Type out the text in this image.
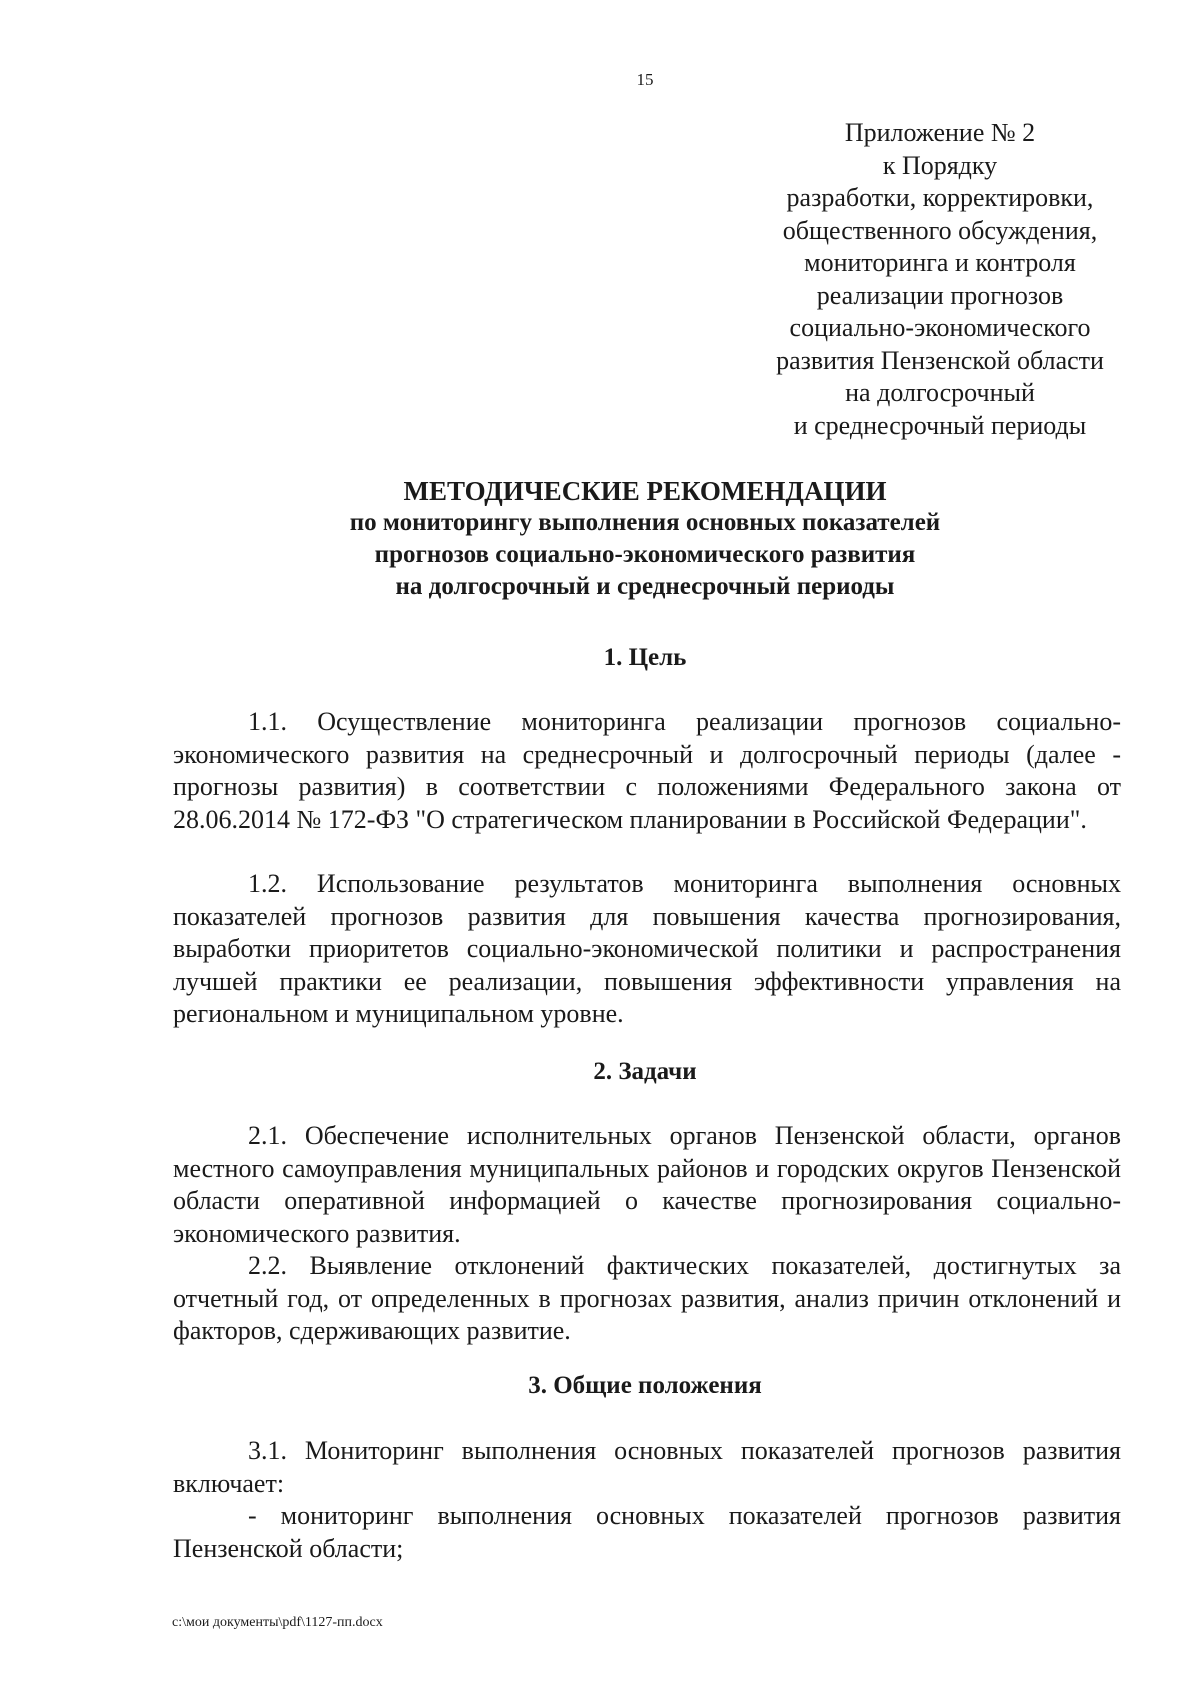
15
Приложение № 2
к Порядку
разработки, корректировки,
общественного обсуждения,
мониторинга и контроля
реализации прогнозов
социально-экономического
развития Пензенской области
на долгосрочный
и среднесрочный периоды
МЕТОДИЧЕСКИЕ РЕКОМЕНДАЦИИ
по мониторингу выполнения основных показателей
прогнозов социально-экономического развития
на долгосрочный и среднесрочный периоды
1. Цель
1.1. Осуществление мониторинга реализации прогнозов социально-экономического развития на среднесрочный и долгосрочный периоды (далее - прогнозы развития) в соответствии с положениями Федерального закона от 28.06.2014 № 172-ФЗ "О стратегическом планировании в Российской Федерации".
1.2. Использование результатов мониторинга выполнения основных показателей прогнозов развития для повышения качества прогнозирования, выработки приоритетов социально-экономической политики и распространения лучшей практики ее реализации, повышения эффективности управления на региональном и муниципальном уровне.
2. Задачи
2.1. Обеспечение исполнительных органов Пензенской области, органов местного самоуправления муниципальных районов и городских округов Пензенской области оперативной информацией о качестве прогнозирования социально-экономического развития.
2.2. Выявление отклонений фактических показателей, достигнутых за отчетный год, от определенных в прогнозах развития, анализ причин отклонений и факторов, сдерживающих развитие.
3. Общие положения
3.1. Мониторинг выполнения основных показателей прогнозов развития включает:
- мониторинг выполнения основных показателей прогнозов развития Пензенской области;
c:\мои документы\pdf\1127-пп.docx
